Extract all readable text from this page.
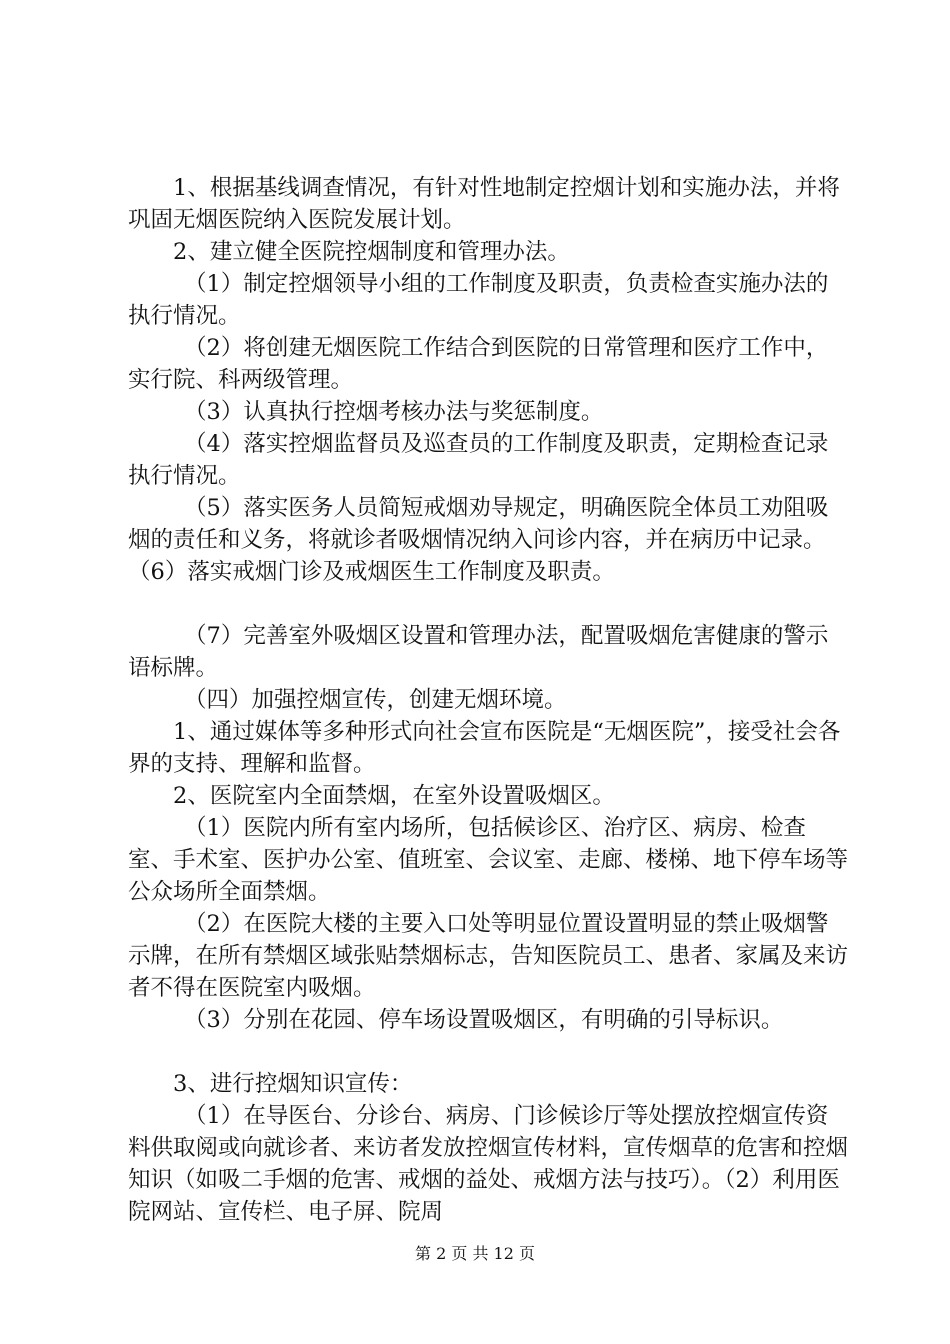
1、根据基线调查情况，有针对性地制定控烟计划和实施办法，并将巩固无烟医院纳入医院发展计划。

2、建立健全医院控烟制度和管理办法。

（1）制定控烟领导小组的工作制度及职责，负责检查实施办法的执行情况。

（2）将创建无烟医院工作结合到医院的日常管理和医疗工作中，实行院、科两级管理。

（3）认真执行控烟考核办法与奖惩制度。

（4）落实控烟监督员及巡查员的工作制度及职责，定期检查记录执行情况。

（5）落实医务人员简短戒烟劝导规定，明确医院全体员工劝阻吸烟的责任和义务，将就诊者吸烟情况纳入问诊内容，并在病历中记录。（6）落实戒烟门诊及戒烟医生工作制度及职责。

（7）完善室外吸烟区设置和管理办法，配置吸烟危害健康的警示语标牌。

（四）加强控烟宣传，创建无烟环境。

1、通过媒体等多种形式向社会宣布医院是“无烟医院”，接受社会各界的支持、理解和监督。

2、医院室内全面禁烟，在室外设置吸烟区。

（1）医院内所有室内场所，包括候诊区、治疗区、病房、检查室、手术室、医护办公室、值班室、会议室、走廊、楼梯、地下停车场等公众场所全面禁烟。

（2）在医院大楼的主要入口处等明显位置设置明显的禁止吸烟警示牌，在所有禁烟区域张贴禁烟标志，告知医院员工、患者、家属及来访者不得在医院室内吸烟。

（3）分别在花园、停车场设置吸烟区，有明确的引导标识。

3、进行控烟知识宣传：

（1）在导医台、分诊台、病房、门诊候诊厅等处摆放控烟宣传资料供取阅或向就诊者、来访者发放控烟宣传材料，宣传烟草的危害和控烟知识（如吸二手烟的危害、戒烟的益处、戒烟方法与技巧）。（2）利用医院网站、宣传栏、电子屏、院周

第 2 页 共 12 页
